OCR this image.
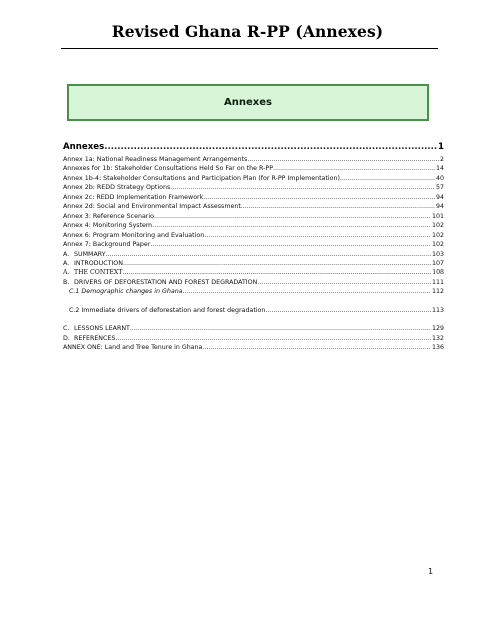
Revised Ghana R-PP (Annexes)
Annexes
Annexes .....	1
Annex 1a: National Readiness Management Arrangements .....	2
Annexes for 1b: Stakeholder Consultations Held So Far on the R-PP .....	14
Annex 1b-4: Stakeholder Consultations and Participation Plan (for R-PP Implementation) .....	40
Annex 2b: REDD Strategy Options .....	57
Annex 2c: REDD Implementation Framework .....	94
Annex 2d: Social and Environmental Impact Assessment .....	94
Annex 3: Reference Scenario .....	101
Annex 4: Monitoring System .....	102
Annex 6: Program Monitoring and Evaluation .....	102
Annex 7: Background Paper .....	102
A. SUMMARY .....	103
A. INTRODUCTION .....	107
A. THE CONTEXT .....	108
B. DRIVERS OF DEFORESTATION AND FOREST DEGRADATION .....	111
C.1 Demographic changes in Ghana .....	112
C.2 Immediate drivers of deforestation and forest degradation .....	113
C. LESSONS LEARNT .....	129
D. REFERENCES .....	132
ANNEX ONE: Land and Tree Tenure in Ghana .....	136
1
